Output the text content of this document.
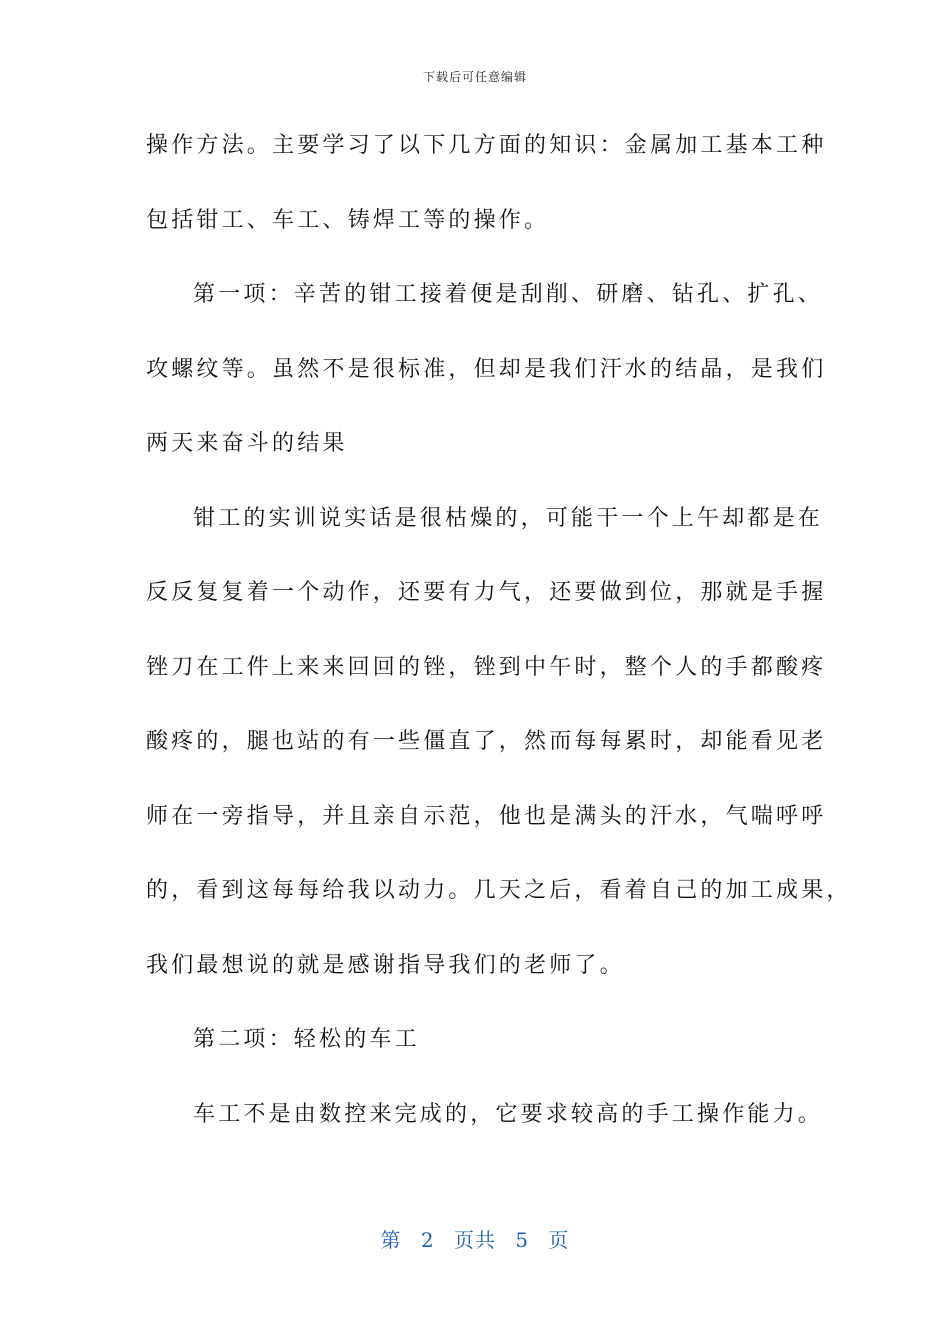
下载后可任意编辑
操作方法。主要学习了以下几方面的知识：金属加工基本工种
包括钳工、车工、铸焊工等的操作。
第一项：辛苦的钳工接着便是刮削、研磨、钻孔、扩孔、
攻螺纹等。虽然不是很标准，但却是我们汗水的结晶，是我们
两天来奋斗的结果
钳工的实训说实话是很枯燥的，可能干一个上午却都是在
反反复复着一个动作，还要有力气，还要做到位，那就是手握
锉刀在工件上来来回回的锉，锉到中午时，整个人的手都酸疼
酸疼的，腿也站的有一些僵直了，然而每每累时，却能看见老
师在一旁指导，并且亲自示范，他也是满头的汗水，气喘呼呼
的，看到这每每给我以动力。几天之后，看着自己的加工成果，
我们最想说的就是感谢指导我们的老师了。
第二项：轻松的车工
车工不是由数控来完成的，它要求较高的手工操作能力。
第 2 页共 5 页
